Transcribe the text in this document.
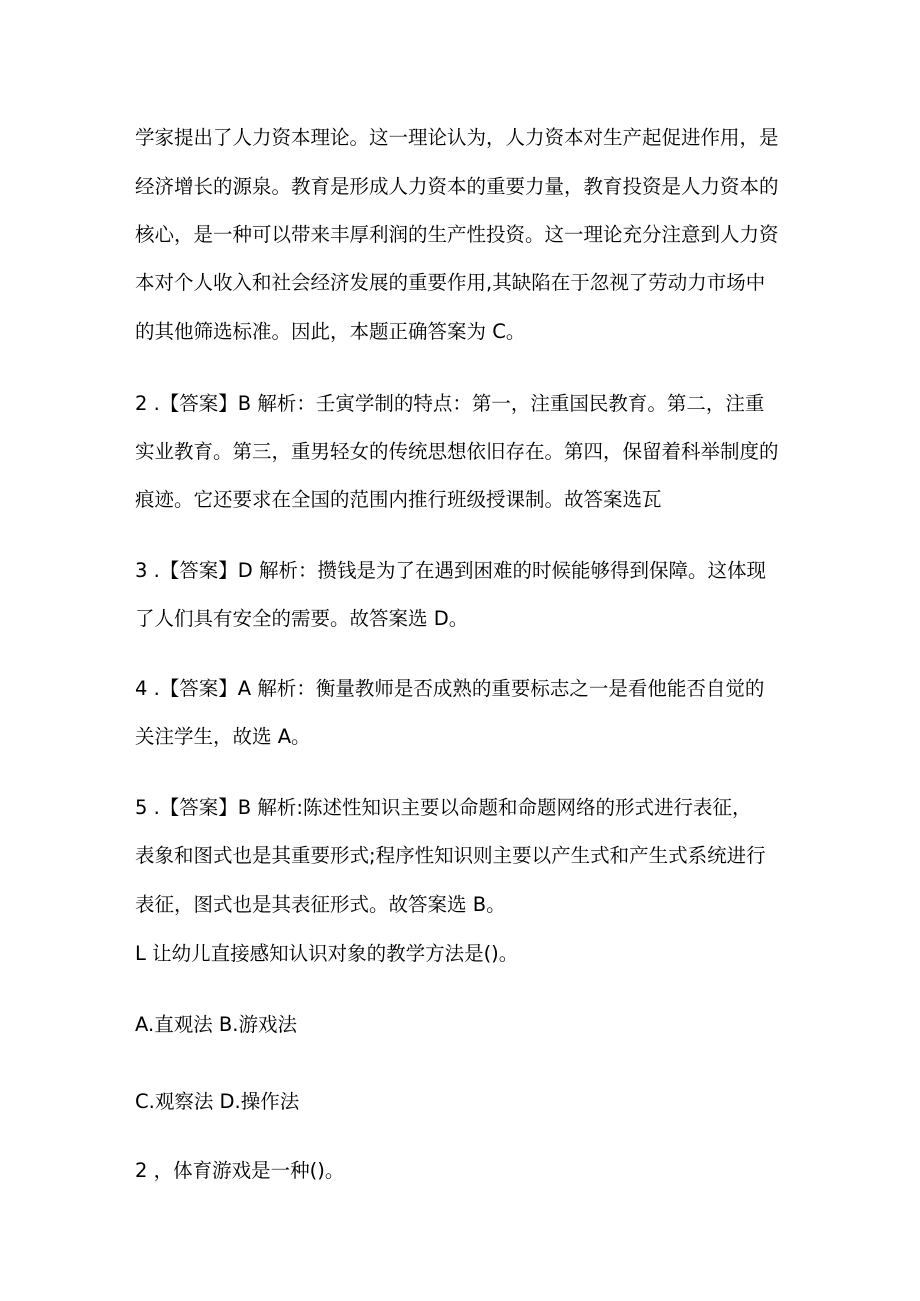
学家提出了人力资本理论。这一理论认为，人力资本对生产起促进作用，是
经济增长的源泉。教育是形成人力资本的重要力量，教育投资是人力资本的
核心，是一种可以带来丰厚利润的生产性投资。这一理论充分注意到人力资
本对个人收入和社会经济发展的重要作用,其缺陷在于忽视了劳动力市场中
的其他筛选标准。因此，本题正确答案为 C。
2 .【答案】B 解析：壬寅学制的特点：第一，注重国民教育。第二，注重
实业教育。第三，重男轻女的传统思想依旧存在。第四，保留着科举制度的
痕迹。它还要求在全国的范围内推行班级授课制。故答案选瓦
3 .【答案】D 解析：攒钱是为了在遇到困难的时候能够得到保障。这体现
了人们具有安全的需要。故答案选 D。
4 .【答案】A 解析：衡量教师是否成熟的重要标志之一是看他能否自觉的
关注学生，故选 A。
5 .【答案】B 解析:陈述性知识主要以命题和命题网络的形式进行表征，
表象和图式也是其重要形式;程序性知识则主要以产生式和产生式系统进行
表征，图式也是其表征形式。故答案选 B。
L 让幼儿直接感知认识对象的教学方法是()。
A.直观法 B.游戏法
C.观察法 D.操作法
2 ，体育游戏是一种()。
